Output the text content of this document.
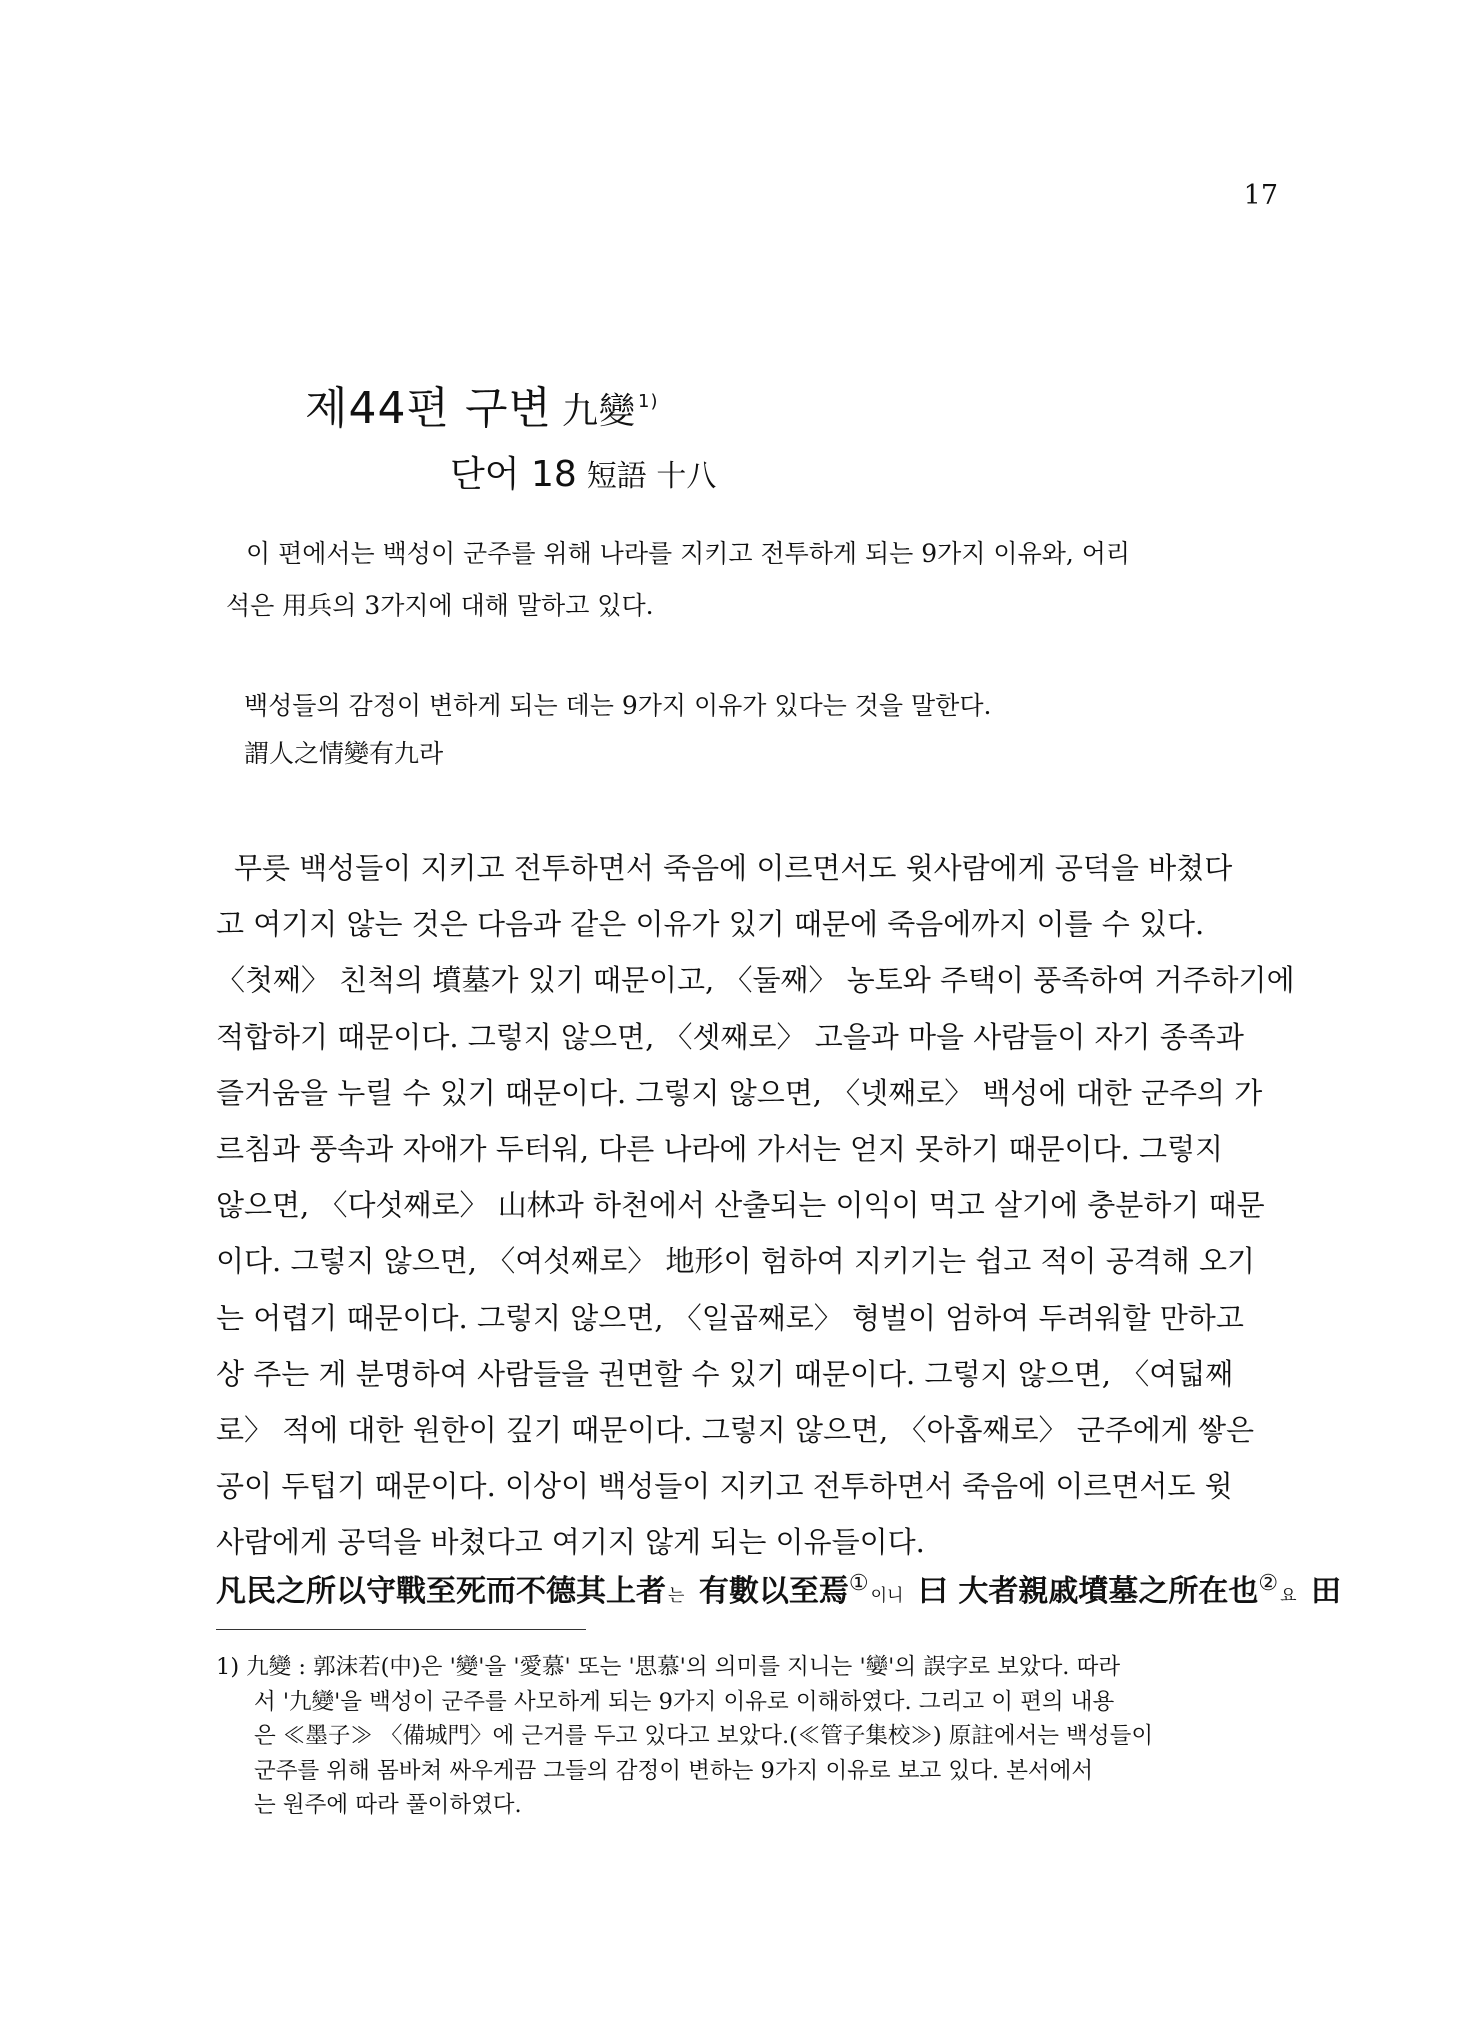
17
제44편 구변 九變 $^{1)}$
단어 18 短語 十八
이 편에서는 백성이 군주를 위해 나라를 지키고 전투하게 되는 9가지 이유와, 어리
석은 用兵의 3가지에 대해 말하고 있다.
백성들의 감정이 변하게 되는 데는 9가지 이유가 있다는 것을 말한다.
謂人之情變有九라
무릇 백성들이 지키고 전투하면서 죽음에 이르면서도 윗사람에게 공덕을 바쳤다
고 여기지 않는 것은 다음과 같은 이유가 있기 때문에 죽음에까지 이를 수 있다.
〈첫째〉 친척의 墳墓가 있기 때문이고, 〈둘째〉 농토와 주택이 풍족하여 거주하기에
적합하기 때문이다. 그렇지 않으면, 〈셋째로〉 고을과 마을 사람들이 자기 종족과
즐거움을 누릴 수 있기 때문이다. 그렇지 않으면, 〈넷째로〉 백성에 대한 군주의 가
르침과 풍속과 자애가 두터워, 다른 나라에 가서는 얻지 못하기 때문이다. 그렇지
않으면, 〈다섯째로〉 山林과 하천에서 산출되는 이익이 먹고 살기에 충분하기 때문
이다. 그렇지 않으면, 〈여섯째로〉 地形이 험하여 지키기는 쉽고 적이 공격해 오기
는 어렵기 때문이다. 그렇지 않으면, 〈일곱째로〉 형벌이 엄하여 두려워할 만하고
상 주는 게 분명하여 사람들을 권면할 수 있기 때문이다. 그렇지 않으면, 〈여덟째
로〉 적에 대한 원한이 깊기 때문이다. 그렇지 않으면, 〈아홉째로〉 군주에게 쌓은
공이 두텁기 때문이다. 이상이 백성들이 지키고 전투하면서 죽음에 이르면서도 윗
사람에게 공덕을 바쳤다고 여기지 않게 되는 이유들이다.
凡民之所以守戰至死而不德其上者 는 有數以至焉① 이니 曰 大者親戚墳墓之所在也② 요 田
1) 九變 : 郭沫若(中)은 '變'을 '愛慕' 또는 '思慕'의 의미를 지니는 '孌'의 誤字로 보았다. 따라
서 '九變'을 백성이 군주를 사모하게 되는 9가지 이유로 이해하였다. 그리고 이 편의 내용
은 ≪墨子≫ 〈備城門〉에 근거를 두고 있다고 보았다.(≪管子集校≫) 原註에서는 백성들이
군주를 위해 몸바쳐 싸우게끔 그들의 감정이 변하는 9가지 이유로 보고 있다. 본서에서
는 원주에 따라 풀이하였다.
